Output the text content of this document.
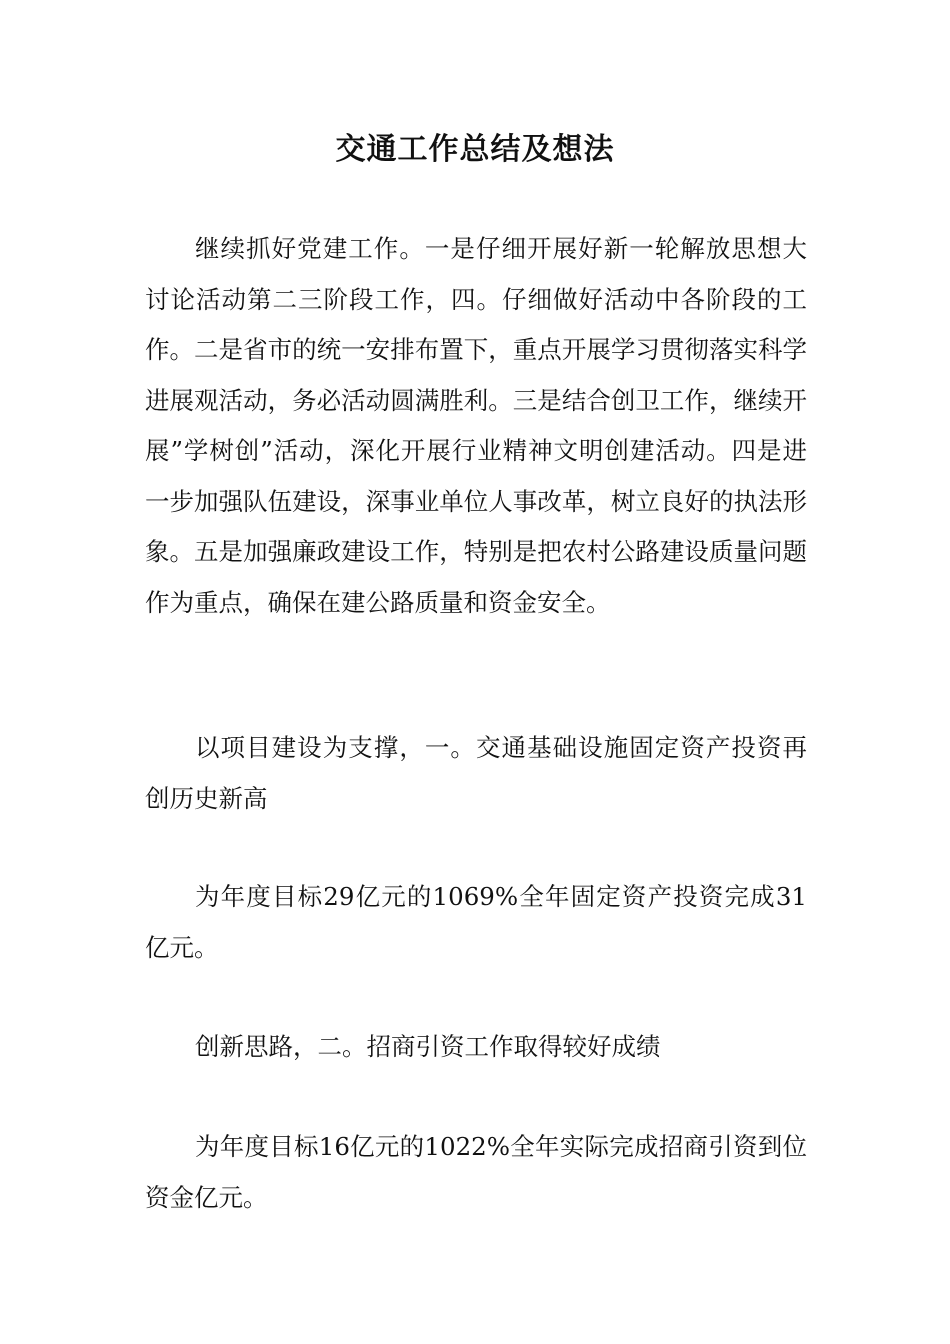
交通工作总结及想法

继续抓好党建工作。一是仔细开展好新一轮解放思想大讨论活动第二三阶段工作，四。仔细做好活动中各阶段的工作。二是省市的统一安排布置下，重点开展学习贯彻落实科学进展观活动，务必活动圆满胜利。三是结合创卫工作，继续开展”学树创”活动，深化开展行业精神文明创建活动。四是进一步加强队伍建设，深事业单位人事改革，树立良好的执法形象。五是加强廉政建设工作，特别是把农村公路建设质量问题作为重点，确保在建公路质量和资金安全。

以项目建设为支撑，一。交通基础设施固定资产投资再创历史新高

为年度目标29亿元的1069%全年固定资产投资完成31亿元。

创新思路，二。招商引资工作取得较好成绩

为年度目标16亿元的1022%全年实际完成招商引资到位资金亿元。
